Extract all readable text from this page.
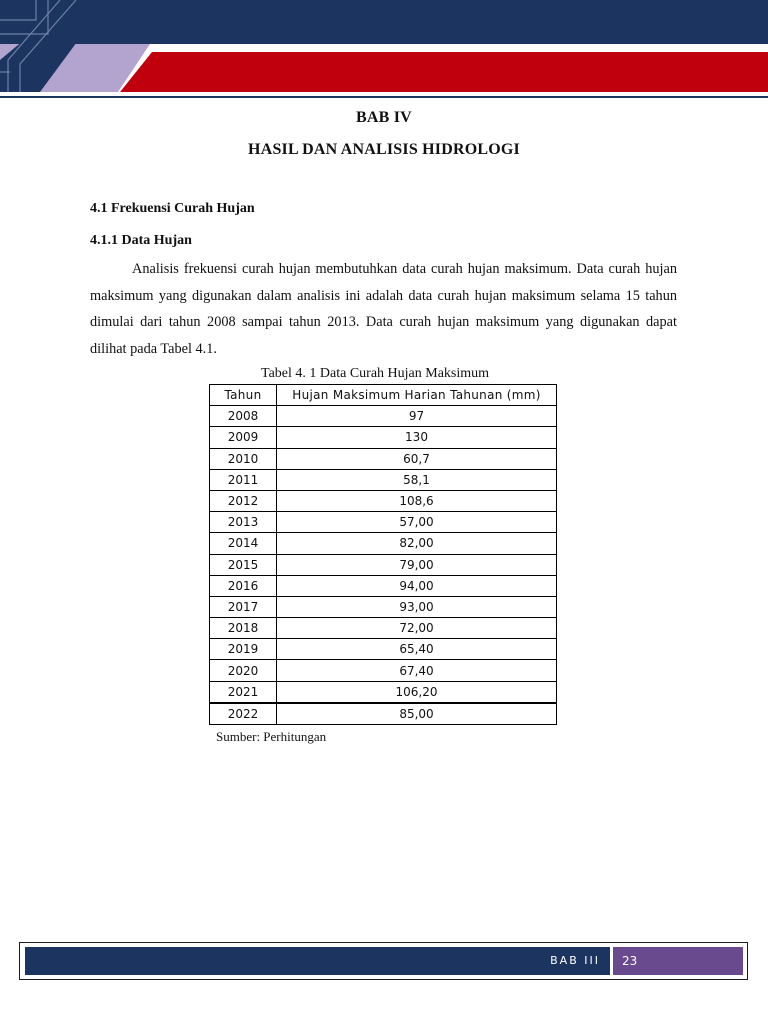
BAB IV
HASIL DAN ANALISIS HIDROLOGI
4.1 Frekuensi Curah Hujan
4.1.1 Data Hujan

Analisis frekuensi curah hujan membutuhkan data curah hujan maksimum. Data curah hujan maksimum yang digunakan dalam analisis ini adalah data curah hujan maksimum selama 15 tahun dimulai dari tahun 2008 sampai tahun 2013. Data curah hujan maksimum yang digunakan dapat dilihat pada Tabel 4.1.

Tabel 4. 1 Data Curah Hujan Maksimum
Tahun	Hujan Maksimum Harian Tahunan (mm)
2008	97
2009	130
2010	60,7
2011	58,1
2012	108,6
2013	57,00
2014	82,00
2015	79,00
2016	94,00
2017	93,00
2018	72,00
2019	65,40
2020	67,40
2021	106,20
2022	85,00
Sumber: Perhitungan
BAB III 23
